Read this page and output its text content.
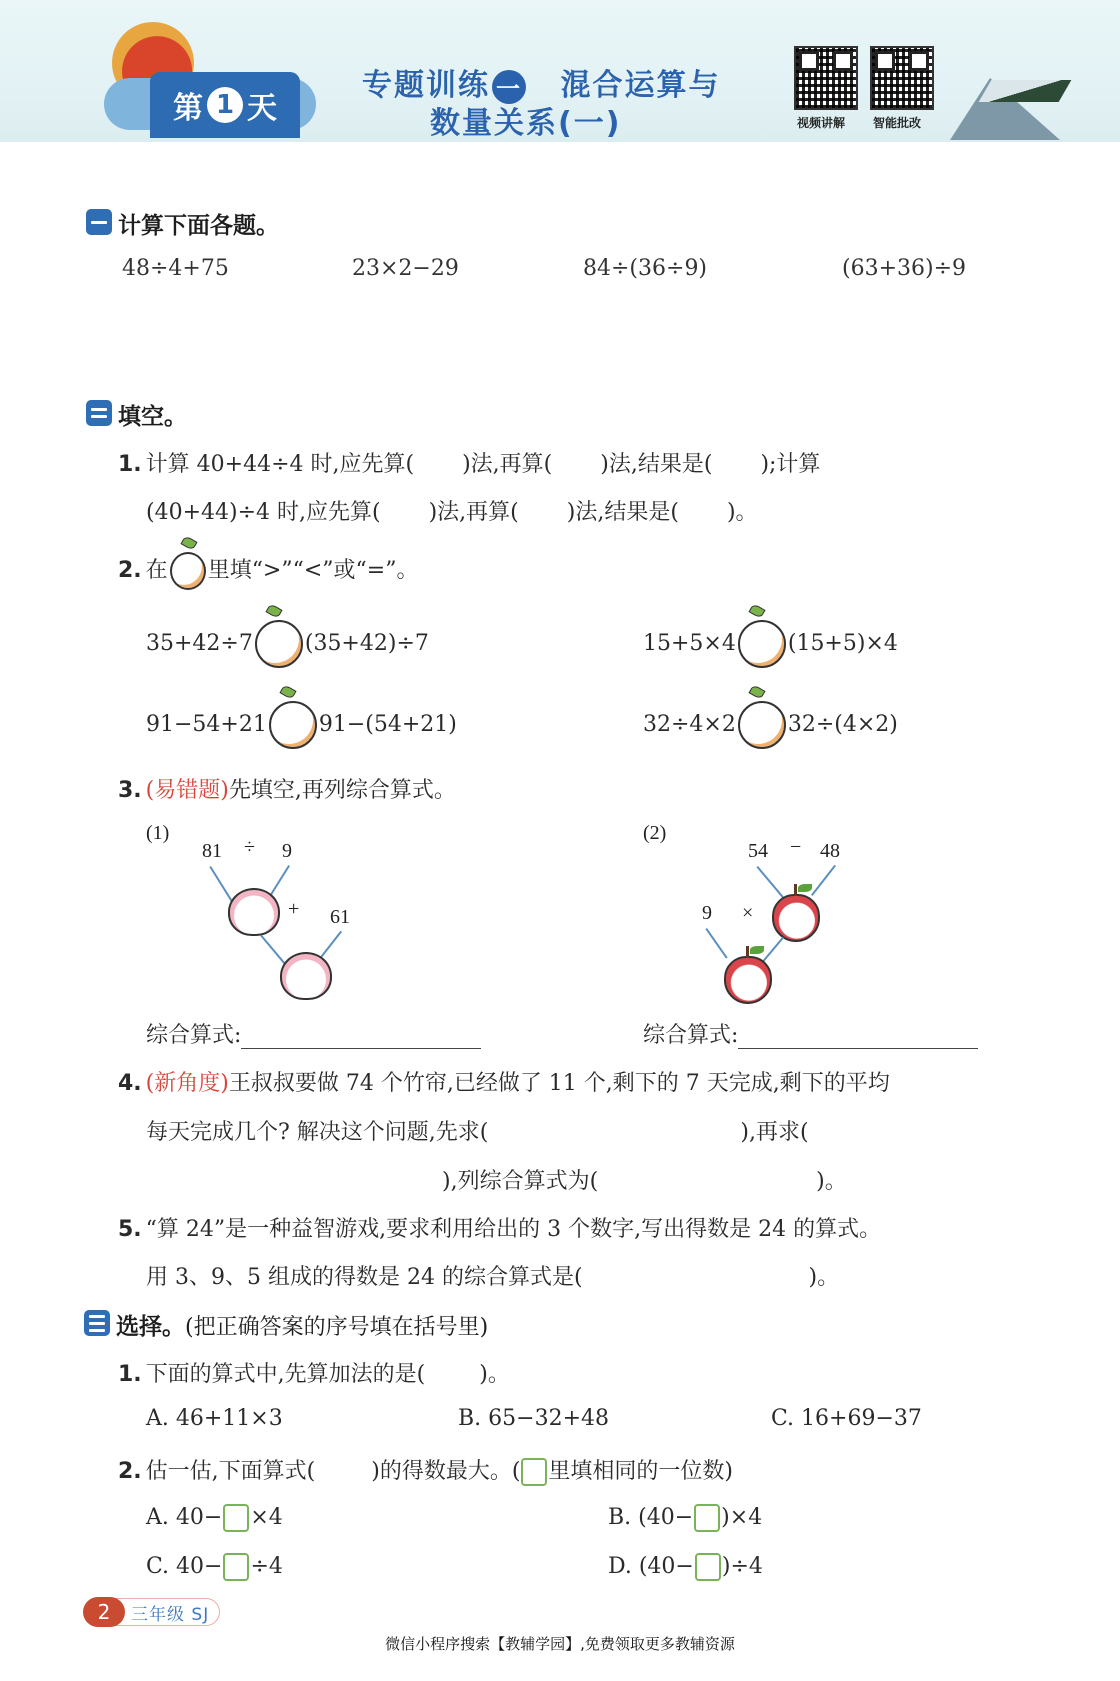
第 1 天
专题训练 一 混合运算与
数量关系(一)	视频讲解 智能批改
计算下面各题。
48÷4+75	23×2−29	84÷(36÷9)	(63+36)÷9
填空。
1. 计算 40+44÷4 时,应先算( )法,再算( )法,结果是( );计算
(40+44)÷4 时,应先算( )法,再算( )法,结果是( )。
2. 在 里填“>”“<”或“=”。
35+42÷7 (35+42)÷7	15+5×4 (15+5)×4
91−54+21 91−(54+21)	32÷4×2 32÷(4×2)
3. (易错题)先填空,再列综合算式。
(1)
81 ÷ 9
+ 61
(2)
54 − 48
9 ×
综合算式:	综合算式:
4. (新角度)王叔叔要做 74 个竹帘,已经做了 11 个,剩下的 7 天完成,剩下的平均
每天完成几个? 解决这个问题,先求(	),再求(
),列综合算式为(	)。
5. “算 24”是一种益智游戏,要求利用给出的 3 个数字,写出得数是 24 的算式。
用 3、9、5 组成的得数是 24 的综合算式是(	)。
选择。(把正确答案的序号填在括号里)
1. 下面的算式中,先算加法的是( )。
A. 46+11×3	B. 65−32+48	C. 16+69−37
2. 估一估,下面算式(	)的得数最大。( 里填相同的一位数)
A. 40− ×4	B. (40− )×4
C. 40− ÷4	D. (40− )÷4
2	三年级 SJ
微信小程序搜索【教辅学园】,免费领取更多教辅资源
